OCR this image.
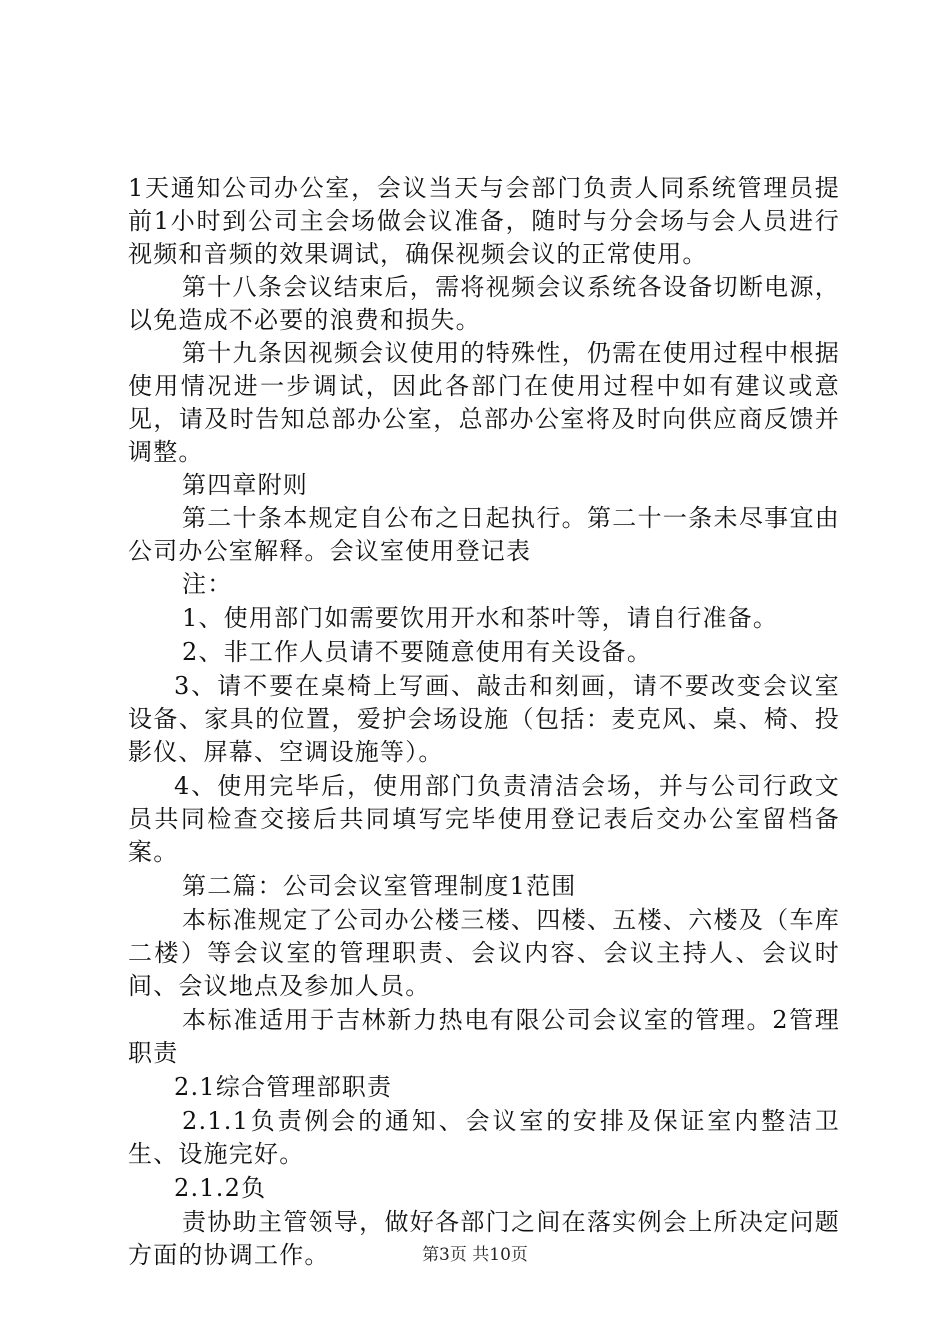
1天通知公司办公室，会议当天与会部门负责人同系统管理员提前1小时到公司主会场做会议准备，随时与分会场与会人员进行视频和音频的效果调试，确保视频会议的正常使用。

第十八条会议结束后，需将视频会议系统各设备切断电源，以免造成不必要的浪费和损失。

第十九条因视频会议使用的特殊性，仍需在使用过程中根据使用情况进一步调试，因此各部门在使用过程中如有建议或意见，请及时告知总部办公室，总部办公室将及时向供应商反馈并调整。

第四章附则

第二十条本规定自公布之日起执行。第二十一条未尽事宜由公司办公室解释。会议室使用登记表

注：

1、使用部门如需要饮用开水和茶叶等，请自行准备。

2、非工作人员请不要随意使用有关设备。

3、请不要在桌椅上写画、敲击和刻画，请不要改变会议室设备、家具的位置，爱护会场设施（包括：麦克风、桌、椅、投影仪、屏幕、空调设施等）。

4、使用完毕后，使用部门负责清洁会场，并与公司行政文员共同检查交接后共同填写完毕使用登记表后交办公室留档备案。

第二篇：公司会议室管理制度1范围

本标准规定了公司办公楼三楼、四楼、五楼、六楼及（车库二楼）等会议室的管理职责、会议内容、会议主持人、会议时间、会议地点及参加人员。

本标准适用于吉林新力热电有限公司会议室的管理。2管理职责

2.1综合管理部职责

2.1.1负责例会的通知、会议室的安排及保证室内整洁卫生、设施完好。

2.1.2负

责协助主管领导，做好各部门之间在落实例会上所决定问题方面的协调工作。	第3页 共10页
